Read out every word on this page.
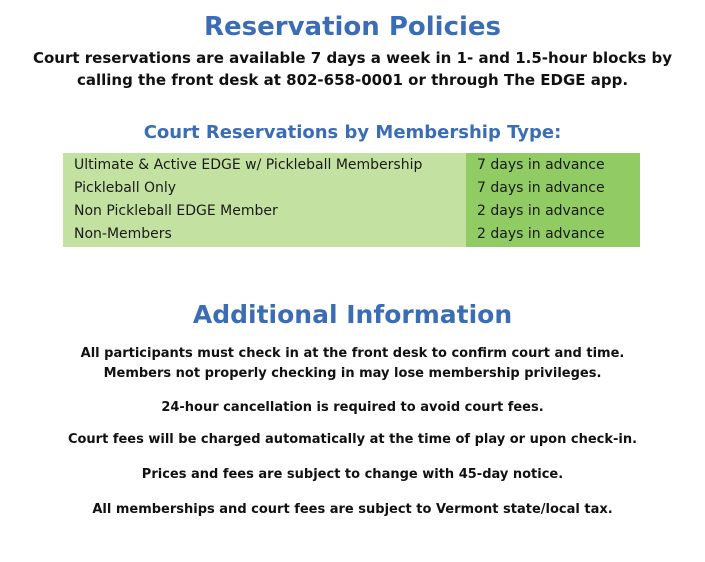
Reservation Policies
Court reservations are available 7 days a week in 1- and 1.5-hour blocks by
calling the front desk at 802-658-0001 or through The EDGE app.
Court Reservations by Membership Type:
Ultimate & Active EDGE w/ Pickleball Membership
Pickleball Only
Non Pickleball EDGE Member
Non-Members
7 days in advance
7 days in advance
2 days in advance
2 days in advance
Additional Information
All participants must check in at the front desk to confirm court and time.
Members not properly checking in may lose membership privileges.
24-hour cancellation is required to avoid court fees.
Court fees will be charged automatically at the time of play or upon check-in.
Prices and fees are subject to change with 45-day notice.
All memberships and court fees are subject to Vermont state/local tax.
